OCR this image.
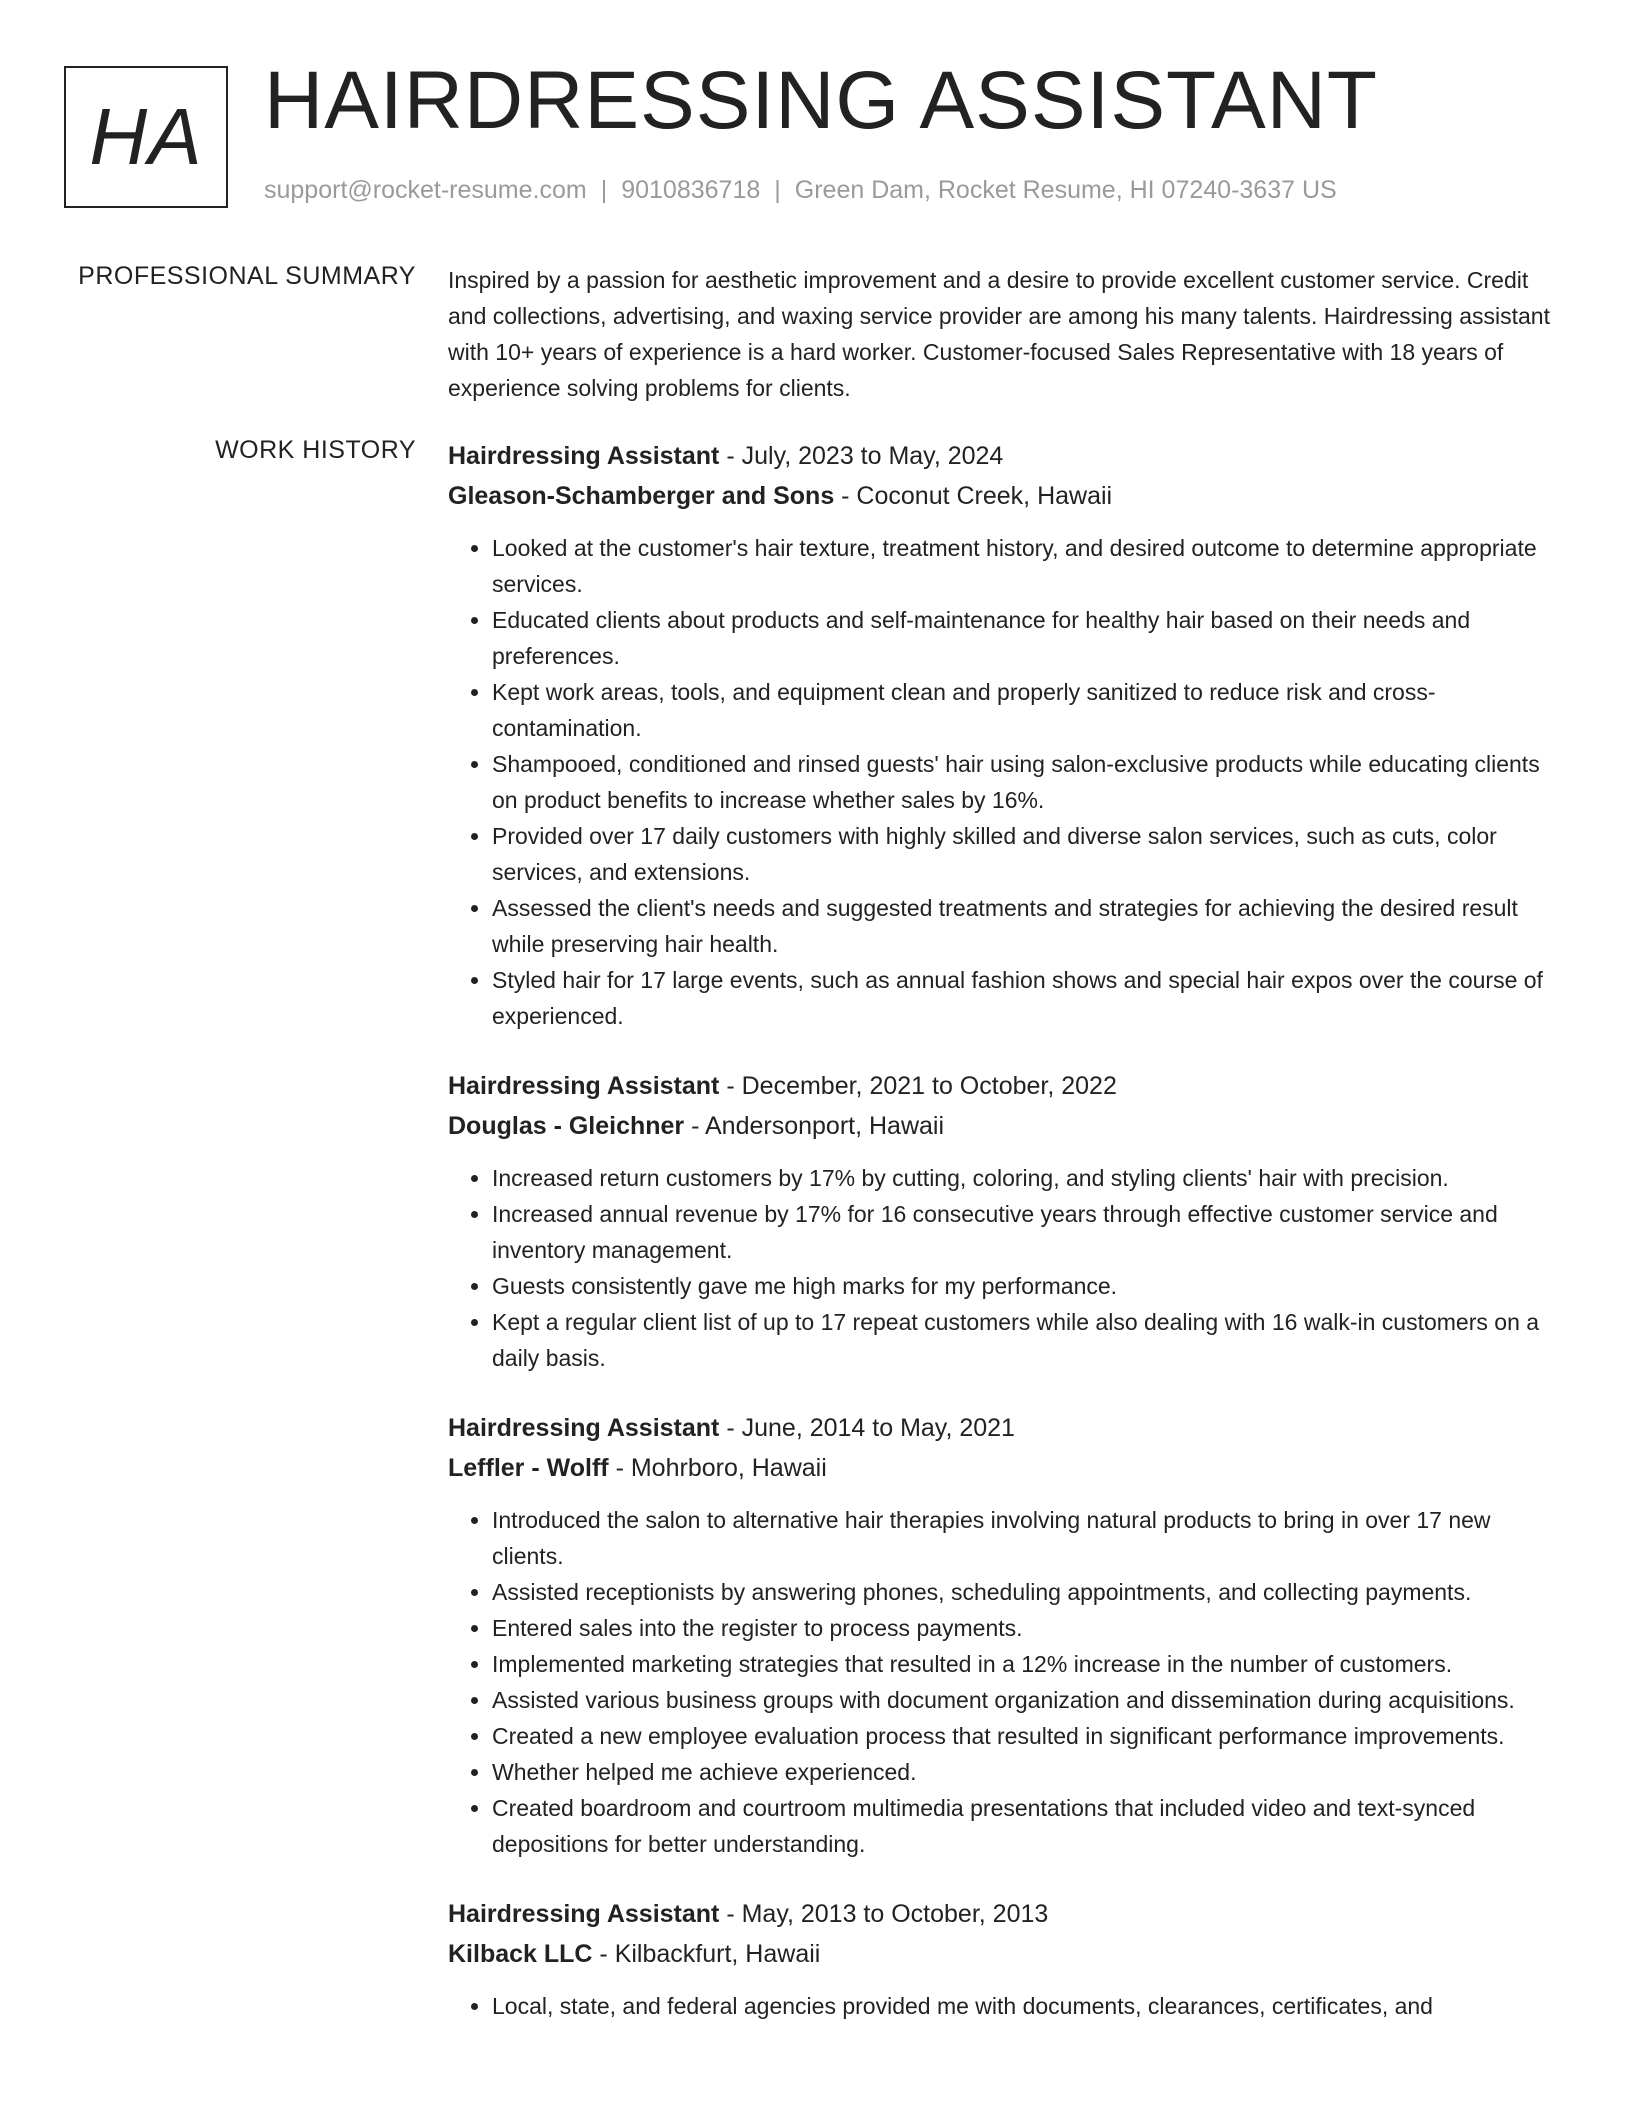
HA HAIRDRESSING ASSISTANT
support@rocket-resume.com | 9010836718 | Green Dam, Rocket Resume, HI 07240-3637 US
PROFESSIONAL SUMMARY Inspired by a passion for aesthetic improvement and a desire to provide excellent customer service. Credit and collections, advertising, and waxing service provider are among his many talents. Hairdressing assistant with 10+ years of experience is a hard worker. Customer-focused Sales Representative with 18 years of experience solving problems for clients.

WORK HISTORY Hairdressing Assistant - July, 2023 to May, 2024
Gleason-Schamberger and Sons - Coconut Creek, Hawaii
• Looked at the customer's hair texture, treatment history, and desired outcome to determine appropriate services.
• Educated clients about products and self-maintenance for healthy hair based on their needs and preferences.
• Kept work areas, tools, and equipment clean and properly sanitized to reduce risk and cross-contamination.
• Shampooed, conditioned and rinsed guests' hair using salon-exclusive products while educating clients on product benefits to increase whether sales by 16%.
• Provided over 17 daily customers with highly skilled and diverse salon services, such as cuts, color services, and extensions.
• Assessed the client's needs and suggested treatments and strategies for achieving the desired result while preserving hair health.
• Styled hair for 17 large events, such as annual fashion shows and special hair expos over the course of experienced.
Hairdressing Assistant - December, 2021 to October, 2022
Douglas - Gleichner - Andersonport, Hawaii
• Increased return customers by 17% by cutting, coloring, and styling clients' hair with precision.
• Increased annual revenue by 17% for 16 consecutive years through effective customer service and inventory management.
• Guests consistently gave me high marks for my performance.
• Kept a regular client list of up to 17 repeat customers while also dealing with 16 walk-in customers on a daily basis.
Hairdressing Assistant - June, 2014 to May, 2021
Leffler - Wolff - Mohrboro, Hawaii
• Introduced the salon to alternative hair therapies involving natural products to bring in over 17 new clients.
• Assisted receptionists by answering phones, scheduling appointments, and collecting payments.
• Entered sales into the register to process payments.
• Implemented marketing strategies that resulted in a 12% increase in the number of customers.
• Assisted various business groups with document organization and dissemination during acquisitions.
• Created a new employee evaluation process that resulted in significant performance improvements.
• Whether helped me achieve experienced.
• Created boardroom and courtroom multimedia presentations that included video and text-synced depositions for better understanding.
Hairdressing Assistant - May, 2013 to October, 2013
Kilback LLC - Kilbackfurt, Hawaii
• Local, state, and federal agencies provided me with documents, clearances, certificates, and
